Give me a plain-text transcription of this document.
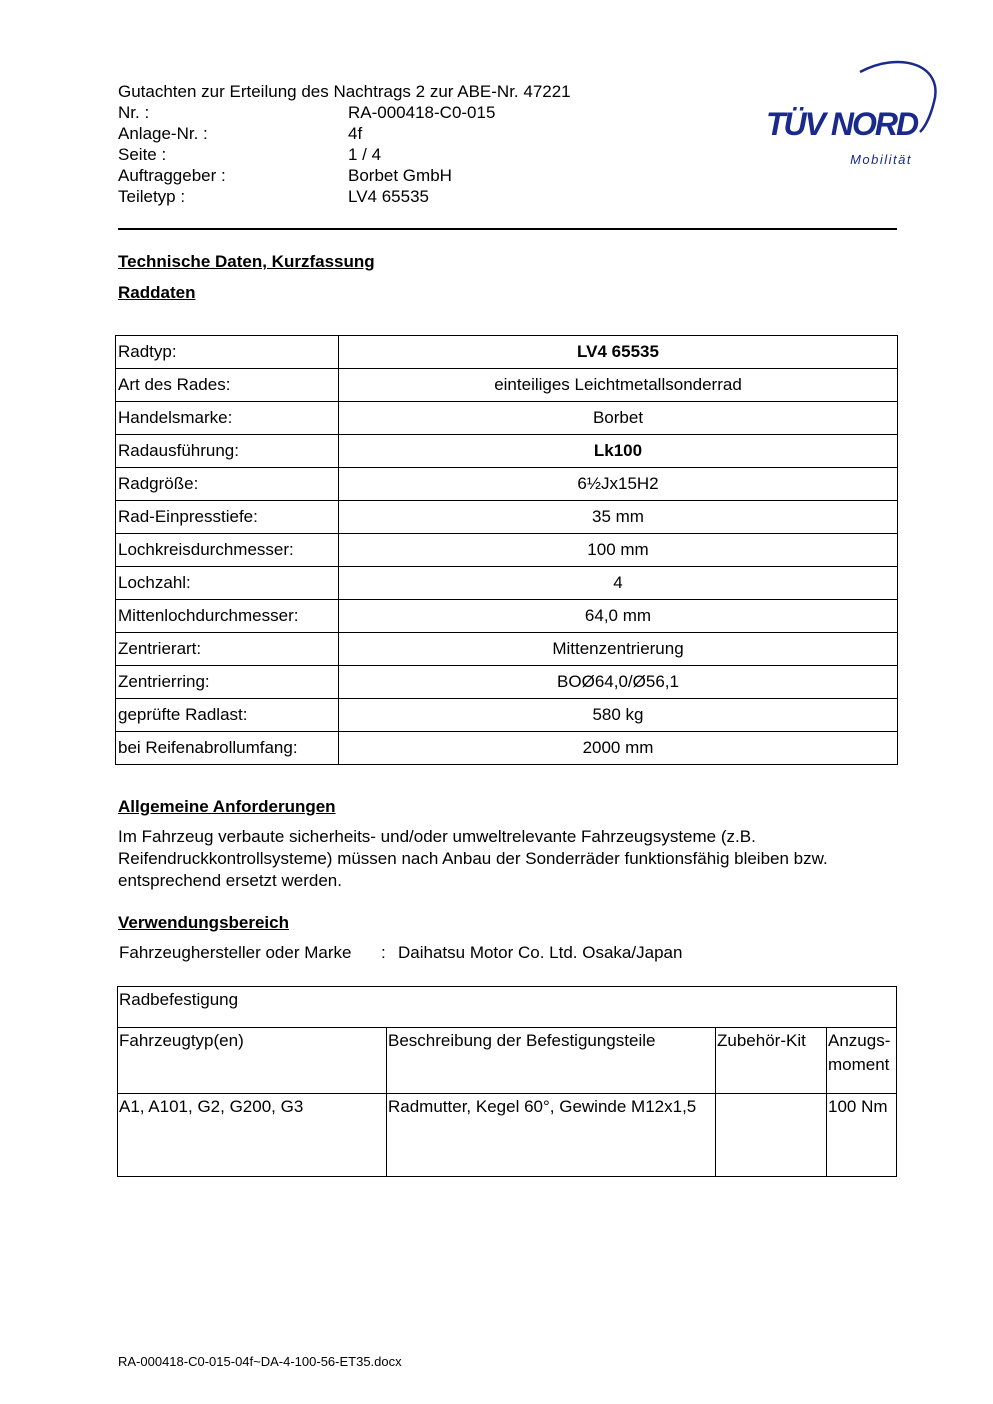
Gutachten zur Erteilung des Nachtrags 2 zur ABE-Nr. 47221
Nr. :	RA-000418-C0-015
Anlage-Nr. :	4f
Seite :	1 / 4
Auftraggeber :	Borbet GmbH
Teiletyp :	LV4 65535
TÜV NORD
Mobilität
Technische Daten, Kurzfassung
Raddaten
Radtyp:	LV4 65535
Art des Rades:	einteiliges Leichtmetallsonderrad
Handelsmarke:	Borbet
Radausführung:	Lk100
Radgröße:	6½Jx15H2
Rad-Einpresstiefe:	35 mm
Lochkreisdurchmesser:	100 mm
Lochzahl:	4
Mittenlochdurchmesser:	64,0 mm
Zentrierart:	Mittenzentrierung
Zentrierring:	BOØ64,0/Ø56,1
geprüfte Radlast:	580 kg
bei Reifenabrollumfang:	2000 mm
Allgemeine Anforderungen
Im Fahrzeug verbaute sicherheits- und/oder umweltrelevante Fahrzeugsysteme (z.B. Reifendruckkontrollsysteme) müssen nach Anbau der Sonderräder funktionsfähig bleiben bzw. entsprechend ersetzt werden.
Verwendungsbereich
Fahrzeughersteller oder Marke	: Daihatsu Motor Co. Ltd. Osaka/Japan
Radbefestigung			
Fahrzeugtyp(en)	Beschreibung der Befestigungsteile	Zubehör-Kit	Anzugs-
moment
A1, A101, G2, G200, G3	Radmutter, Kegel 60°, Gewinde M12x1,5		100 Nm
RA-000418-C0-015-04f~DA-4-100-56-ET35.docx
